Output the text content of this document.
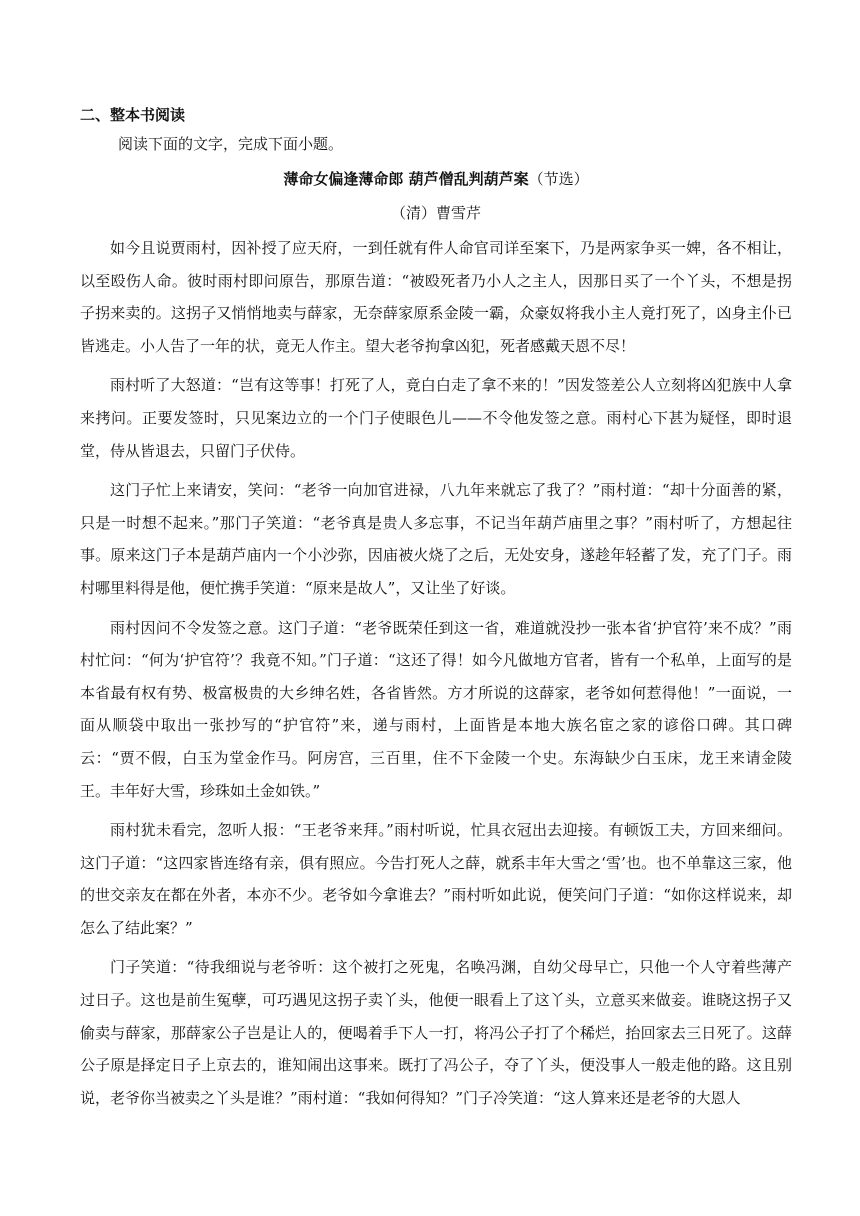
二、整本书阅读
阅读下面的文字，完成下面小题。
薄命女偏逢薄命郎 葫芦僧乱判葫芦案（节选）
（清）曹雪芹

如今且说贾雨村，因补授了应天府，一到任就有件人命官司详至案下，乃是两家争买一婢，各不相让，以至殴伤人命。彼时雨村即问原告，那原告道：“被殴死者乃小人之主人，因那日买了一个丫头，不想是拐子拐来卖的。这拐子又悄悄地卖与薛家，无奈薛家原系金陵一霸，众豪奴将我小主人竟打死了，凶身主仆已皆逃走。小人告了一年的状，竟无人作主。望大老爷拘拿凶犯，死者感戴天恩不尽！

雨村听了大怒道：“岂有这等事！打死了人，竟白白走了拿不来的！”因发签差公人立刻将凶犯族中人拿来拷问。正要发签时，只见案边立的一个门子使眼色儿——不令他发签之意。雨村心下甚为疑怪，即时退堂，侍从皆退去，只留门子伏侍。

这门子忙上来请安，笑问：“老爷一向加官进禄，八九年来就忘了我了？”雨村道：“却十分面善的紧，只是一时想不起来。”那门子笑道：“老爷真是贵人多忘事，不记当年葫芦庙里之事？”雨村听了，方想起往事。原来这门子本是葫芦庙内一个小沙弥，因庙被火烧了之后，无处安身，遂趁年轻蓄了发，充了门子。雨村哪里料得是他，便忙携手笑道：“原来是故人”，又让坐了好谈。

雨村因问不令发签之意。这门子道：“老爷既荣任到这一省，难道就没抄一张本省‘护官符’来不成？”雨村忙问：“何为‘护官符’？我竟不知。”门子道：“这还了得！如今凡做地方官者，皆有一个私单，上面写的是本省最有权有势、极富极贵的大乡绅名姓，各省皆然。方才所说的这薛家，老爷如何惹得他！”一面说，一面从顺袋中取出一张抄写的“护官符”来，递与雨村，上面皆是本地大族名宦之家的谚俗口碑。其口碑云：“贾不假，白玉为堂金作马。阿房宫，三百里，住不下金陵一个史。东海缺少白玉床，龙王来请金陵王。丰年好大雪，珍珠如土金如铁。”

雨村犹未看完，忽听人报：“王老爷来拜。”雨村听说，忙具衣冠出去迎接。有顿饭工夫，方回来细问。这门子道：“这四家皆连络有亲，俱有照应。今告打死人之薛，就系丰年大雪之‘雪’也。也不单靠这三家，他的世交亲友在都在外者，本亦不少。老爷如今拿谁去？”雨村听如此说，便笑问门子道：“如你这样说来，却怎么了结此案？”

门子笑道：“待我细说与老爷听：这个被打之死鬼，名唤冯渊，自幼父母早亡，只他一个人守着些薄产过日子。这也是前生冤孽，可巧遇见这拐子卖丫头，他便一眼看上了这丫头，立意买来做妾。谁晓这拐子又偷卖与薛家，那薛家公子岂是让人的，便喝着手下人一打，将冯公子打了个稀烂，抬回家去三日死了。这薛公子原是择定日子上京去的，谁知闹出这事来。既打了冯公子，夺了丫头，便没事人一般走他的路。这且别说，老爷你当被卖之丫头是谁？”雨村道：“我如何得知？”门子冷笑道：“这人算来还是老爷的大恩人
